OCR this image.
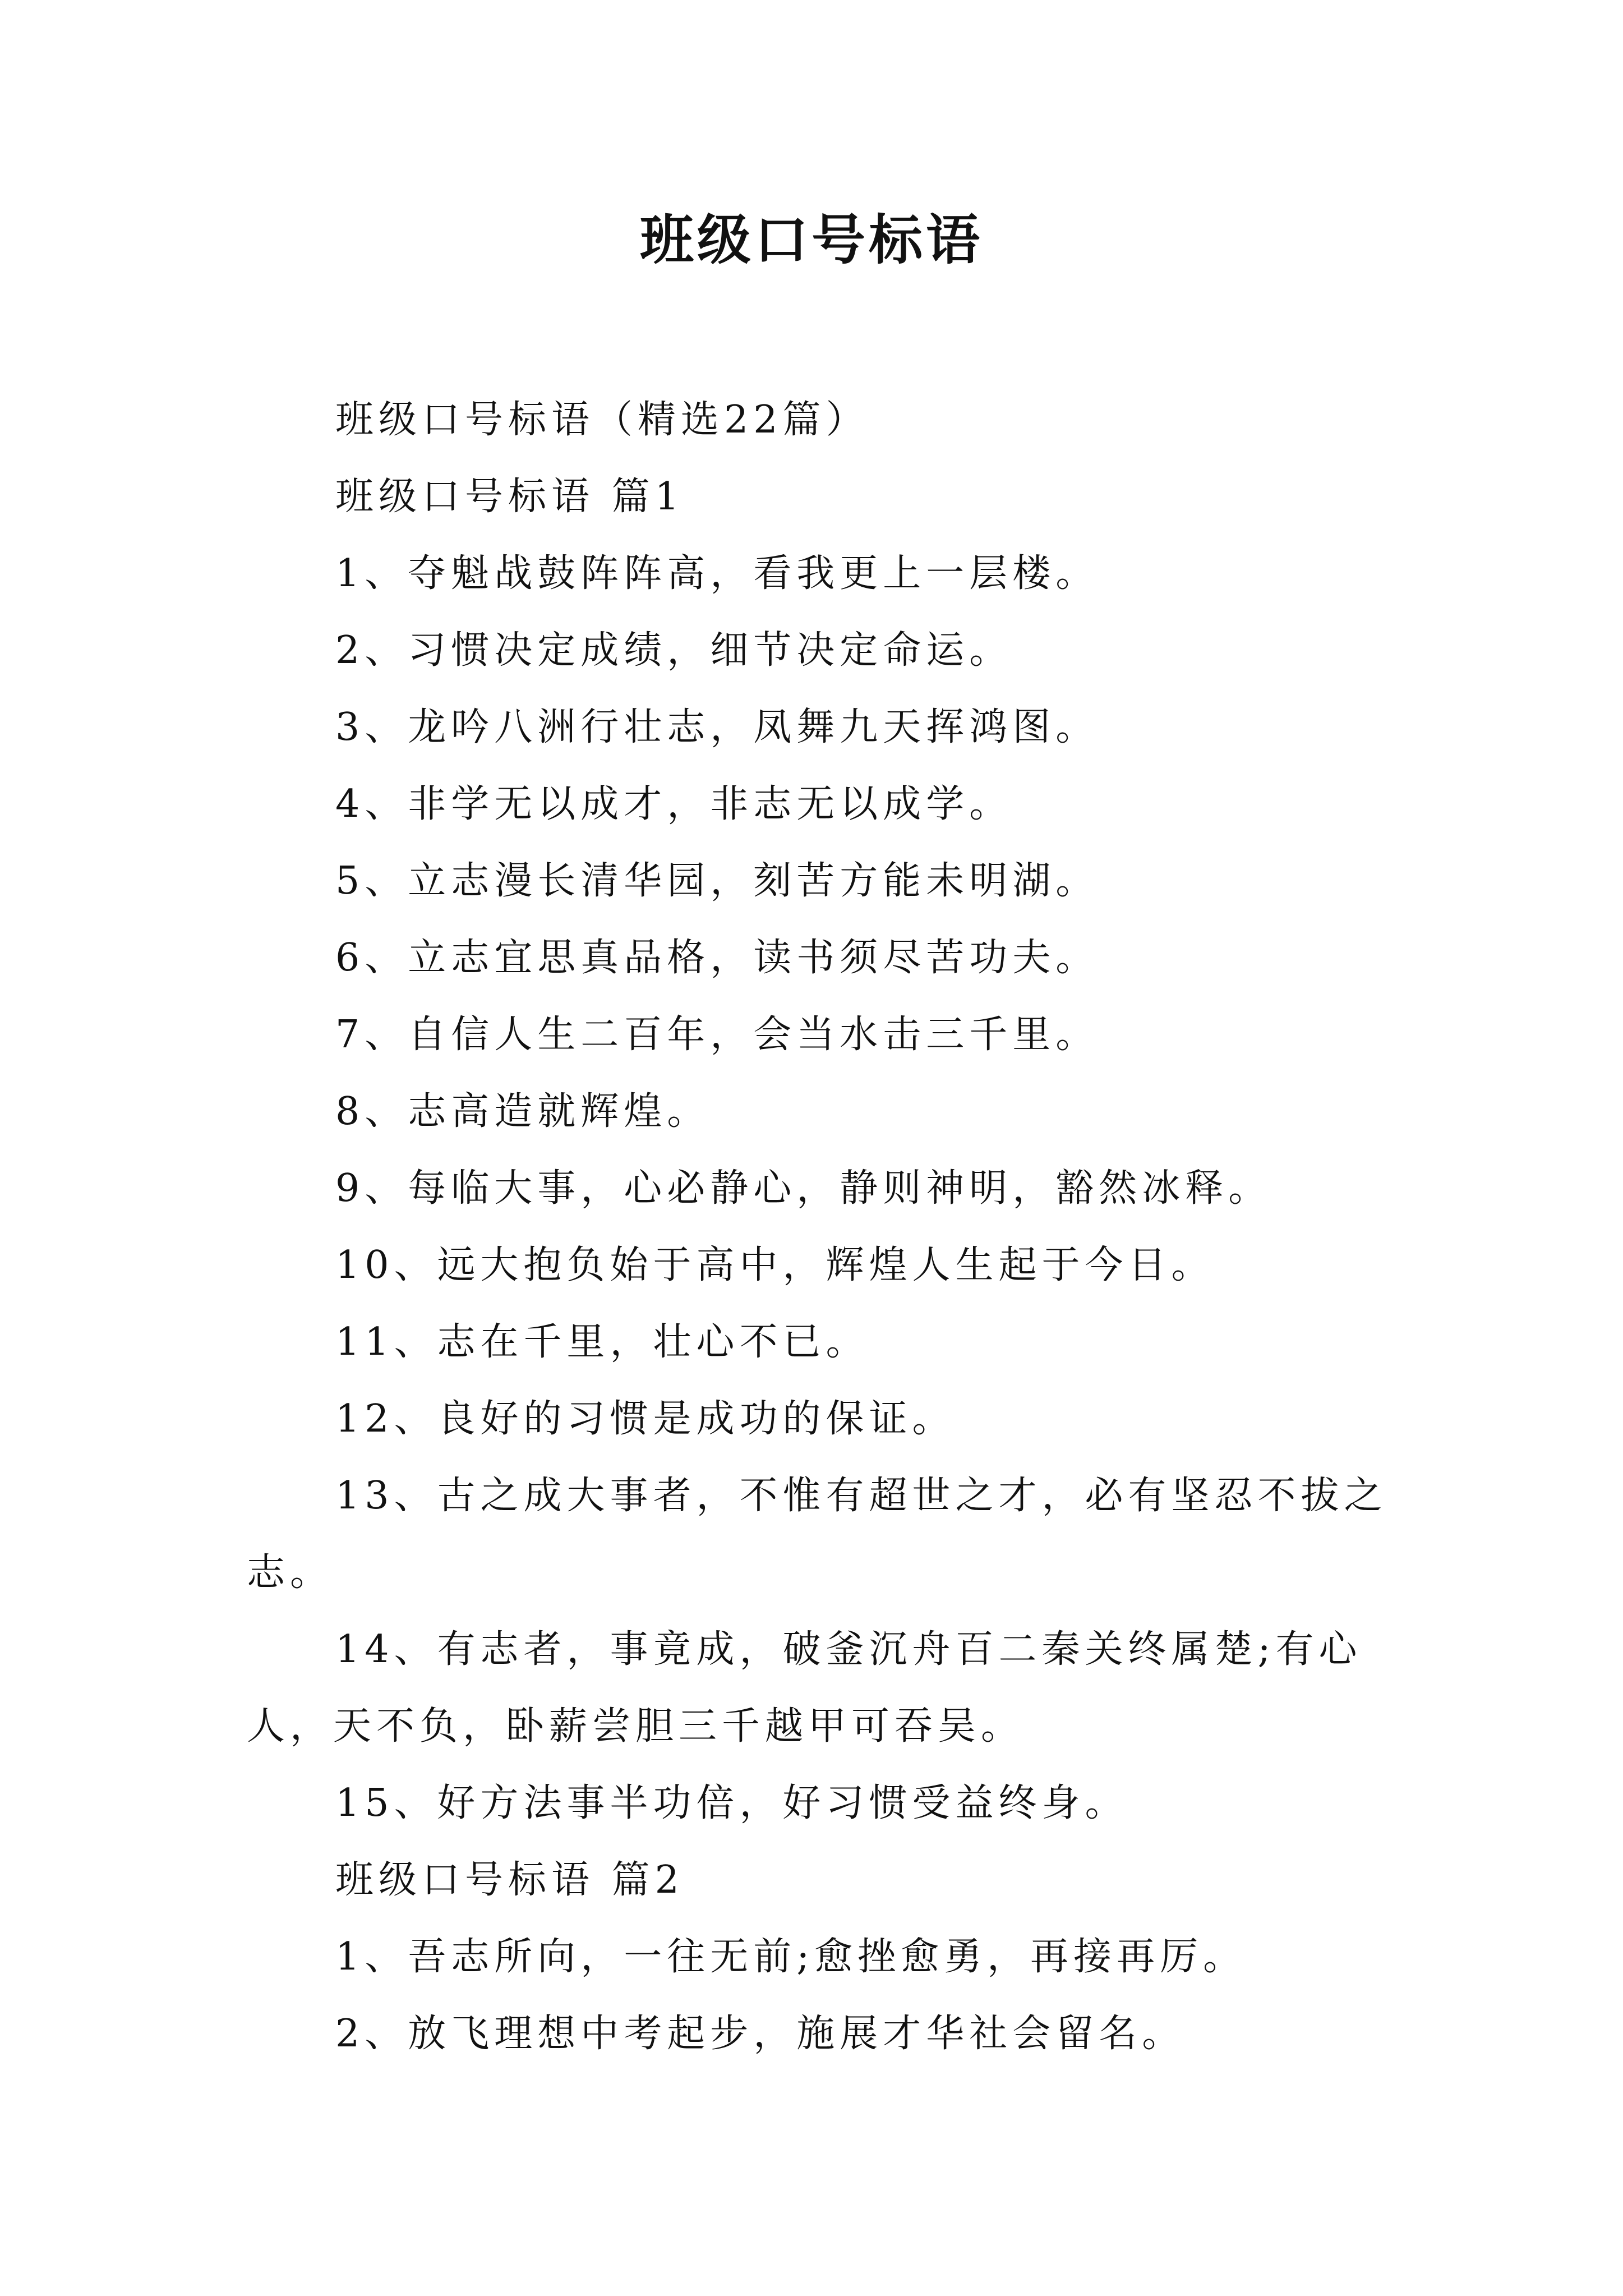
班级口号标语
班级口号标语（精选22篇）
班级口号标语 篇1
1、夺魁战鼓阵阵高，看我更上一层楼。
2、习惯决定成绩，细节决定命运。
3、龙吟八洲行壮志，凤舞九天挥鸿图。
4、非学无以成才，非志无以成学。
5、立志漫长清华园，刻苦方能未明湖。
6、立志宜思真品格，读书须尽苦功夫。
7、自信人生二百年，会当水击三千里。
8、志高造就辉煌。
9、每临大事，心必静心，静则神明，豁然冰释。
10、远大抱负始于高中，辉煌人生起于今日。
11、志在千里，壮心不已。
12、良好的习惯是成功的保证。
13、古之成大事者，不惟有超世之才，必有坚忍不拔之志。
14、有志者，事竟成，破釜沉舟百二秦关终属楚;有心人，天不负，卧薪尝胆三千越甲可吞吴。
15、好方法事半功倍，好习惯受益终身。
班级口号标语 篇2
1、吾志所向，一往无前;愈挫愈勇，再接再厉。
2、放飞理想中考起步，施展才华社会留名。
